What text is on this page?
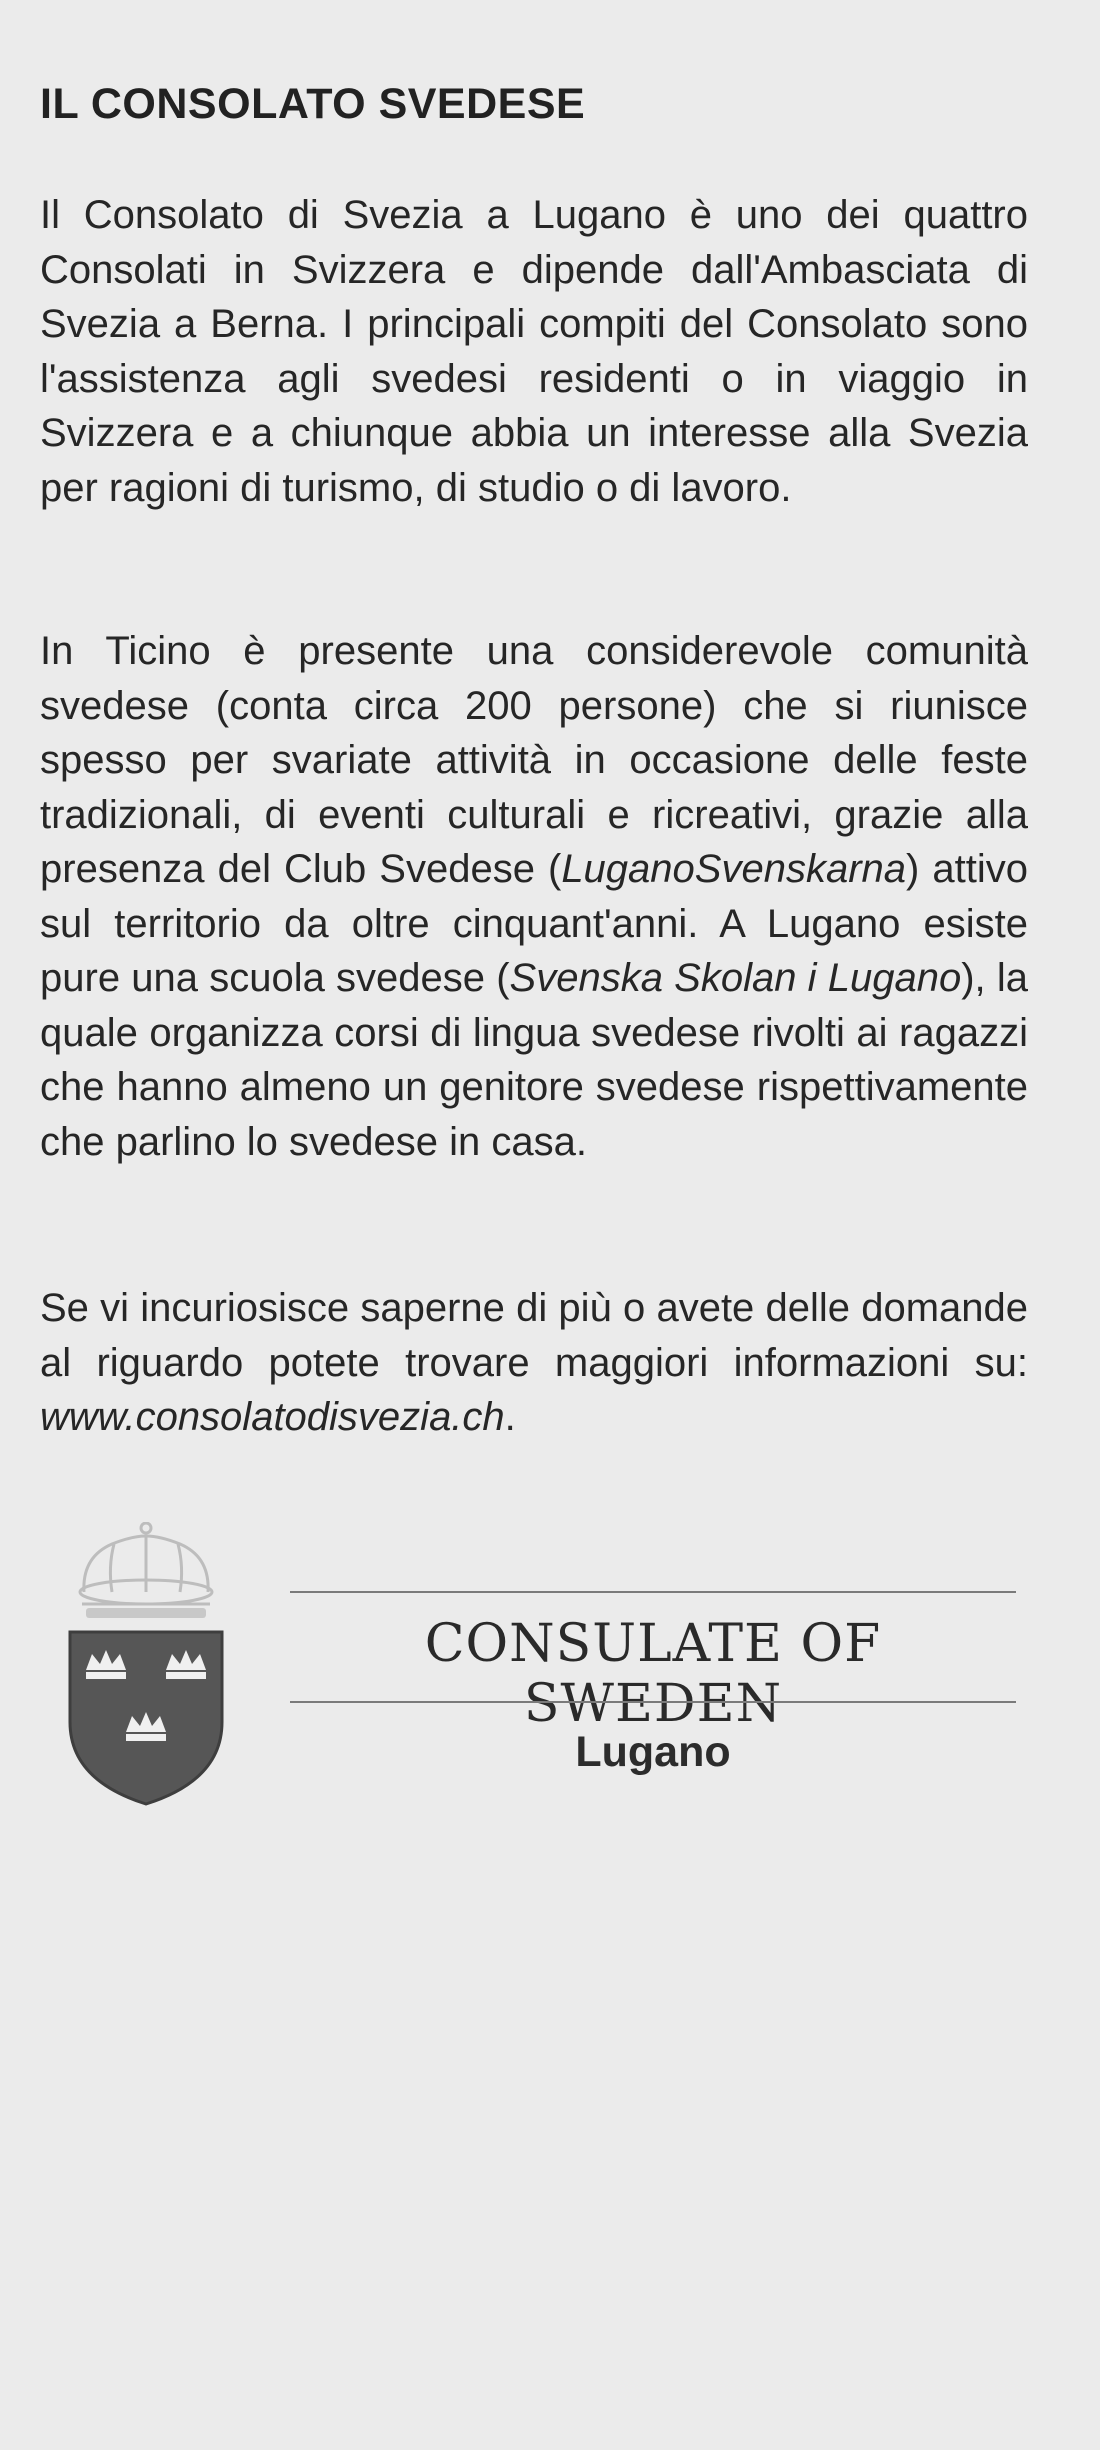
IL CONSOLATO SVEDESE

Il Consolato di Svezia a Lugano è uno dei quattro Consolati in Svizzera e dipende dall'Ambasciata di Svezia a Berna. I principali compiti del Consolato sono l'assistenza agli svedesi residenti o in viaggio in Svizzera e a chiunque abbia un interesse alla Svezia per ragioni di turismo, di studio o di lavoro.

In Ticino è presente una considerevole comunità svedese (conta circa 200 persone) che si riunisce spesso per svariate attività in occasione delle feste tradizionali, di eventi culturali e ricreativi, grazie alla presenza del Club Svedese (LuganoSvenskarna) attivo sul territorio da oltre cinquant'anni. A Lugano esiste pure una scuola svedese (Svenska Skolan i Lugano), la quale organizza corsi di lingua svedese rivolti ai ragazzi che hanno almeno un genitore svedese rispettivamente che parlino lo svedese in casa.

Se vi incuriosisce saperne di più o avete delle domande al riguardo potete trovare maggiori informazioni su: www.consolatodisvezia.ch.

CONSULATE OF SWEDEN
Lugano
